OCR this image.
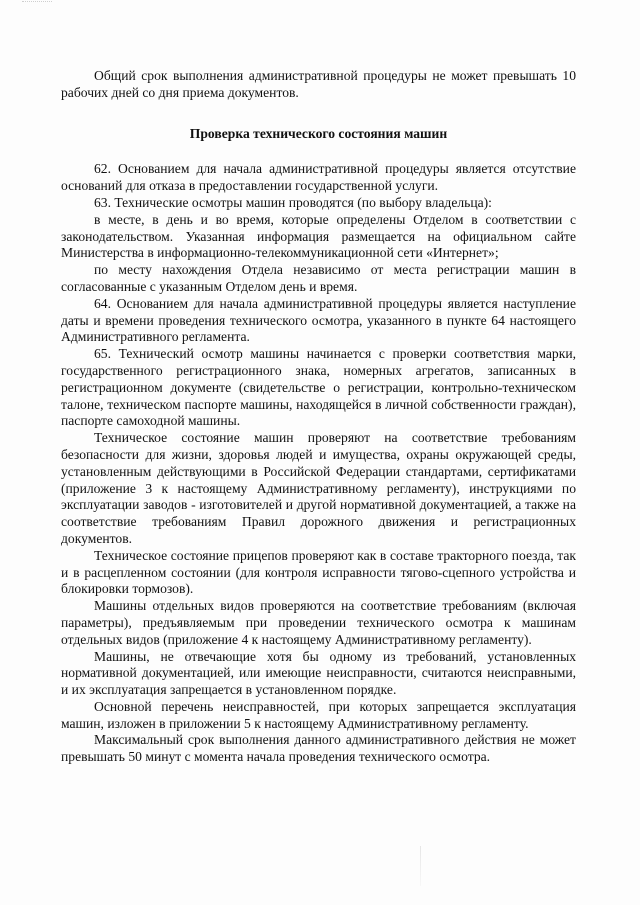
Общий срок выполнения административной процедуры не может превышать 10 рабочих дней со дня приема документов.

Проверка технического состояния машин

62. Основанием для начала административной процедуры является отсутствие оснований для отказа в предоставлении государственной услуги.

63. Технические осмотры машин проводятся (по выбору владельца):

в месте, в день и во время, которые определены Отделом в соответствии с законодательством. Указанная информация размещается на официальном сайте Министерства в информационно-телекоммуникационной сети «Интернет»;

по месту нахождения Отдела независимо от места регистрации машин в согласованные с указанным Отделом день и время.

64. Основанием для начала административной процедуры является наступление даты и времени проведения технического осмотра, указанного в пункте 64 настоящего Административного регламента.

65. Технический осмотр машины начинается с проверки соответствия марки, государственного регистрационного знака, номерных агрегатов, записанных в регистрационном документе (свидетельстве о регистрации, контрольно-техническом талоне, техническом паспорте машины, находящейся в личной собственности граждан), паспорте самоходной машины.

Техническое состояние машин проверяют на соответствие требованиям безопасности для жизни, здоровья людей и имущества, охраны окружающей среды, установленным действующими в Российской Федерации стандартами, сертификатами (приложение 3 к настоящему Административному регламенту), инструкциями по эксплуатации заводов - изготовителей и другой нормативной документацией, а также на соответствие требованиям Правил дорожного движения и регистрационных документов.

Техническое состояние прицепов проверяют как в составе тракторного поезда, так и в расцепленном состоянии (для контроля исправности тягово-сцепного устройства и блокировки тормозов).

Машины отдельных видов проверяются на соответствие требованиям (включая параметры), предъявляемым при проведении технического осмотра к машинам отдельных видов (приложение 4 к настоящему Административному регламенту).

Машины, не отвечающие хотя бы одному из требований, установленных нормативной документацией, или имеющие неисправности, считаются неисправными, и их эксплуатация запрещается в установленном порядке.

Основной перечень неисправностей, при которых запрещается эксплуатация машин, изложен в приложении 5 к настоящему Административному регламенту.

Максимальный срок выполнения данного административного действия не может превышать 50 минут с момента начала проведения технического осмотра.
